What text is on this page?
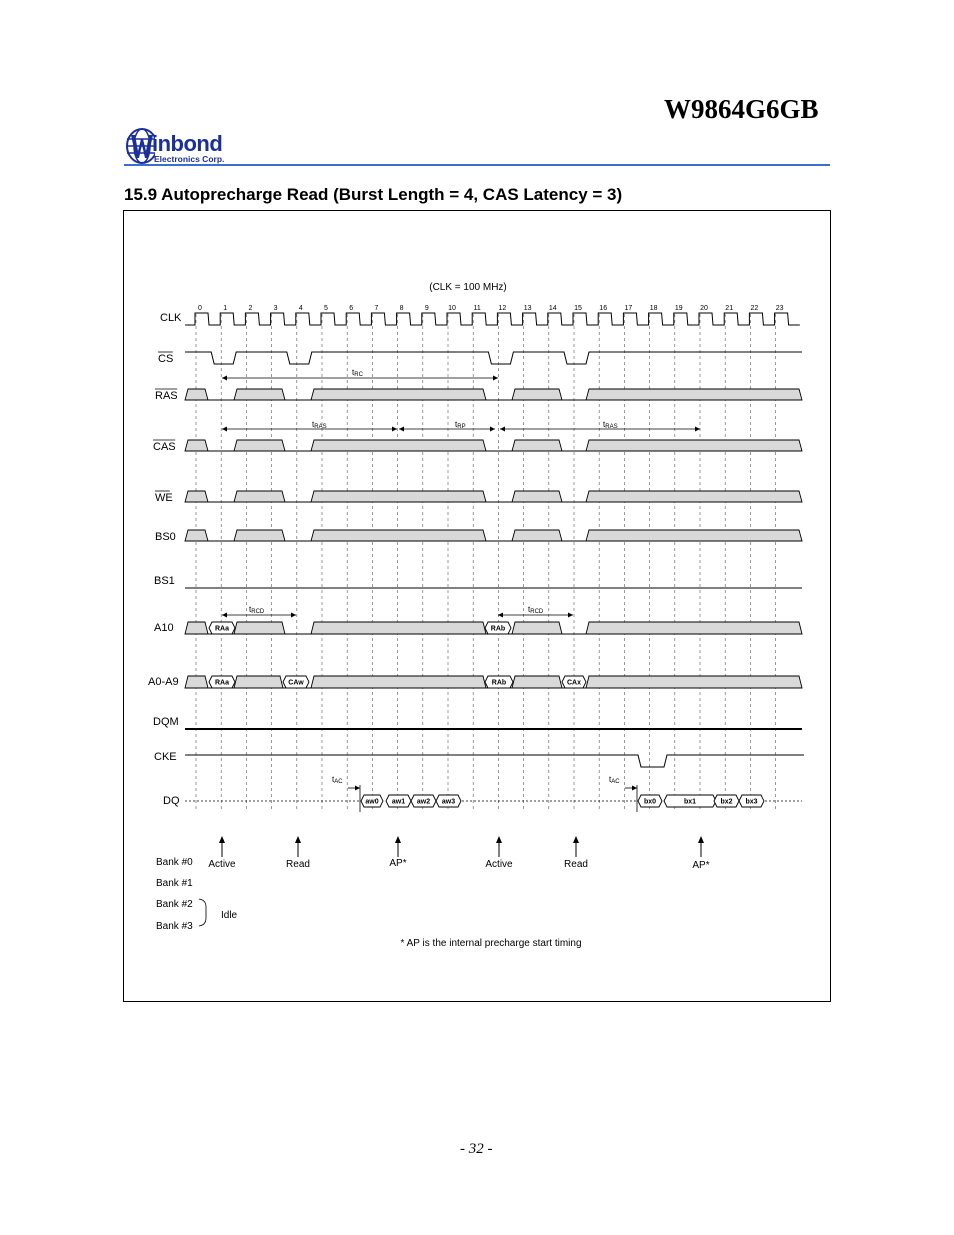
W9864G6GB
inbond
Electronics Corp.
15.9 Autoprecharge Read (Burst Length = 4, CAS Latency = 3)
0	1	2	3	4	5	6	7	8	9	10	11	12 13 14 15 16 17 18 19 20 21 22 23
CLK
CS
RAS
CAS
WE
BS0
BS1
A10
A0-A9
DQM
CKE
DQ
RAa	RAb
RAa	CAw	RAb	CAx
aw0 aw1 aw2 aw3	bx0	bx1	bx2 bx3
tRC
tRAS	tRP	tRAS
tRCD	tRCD
tAC	tAC
Active	Read	AP*	Active	Read	AP*
(CLK = 100 MHz)
Bank #0
Bank #1
Bank #2
Bank #3
Idle
* AP is the internal precharge start timing
- 32 -
